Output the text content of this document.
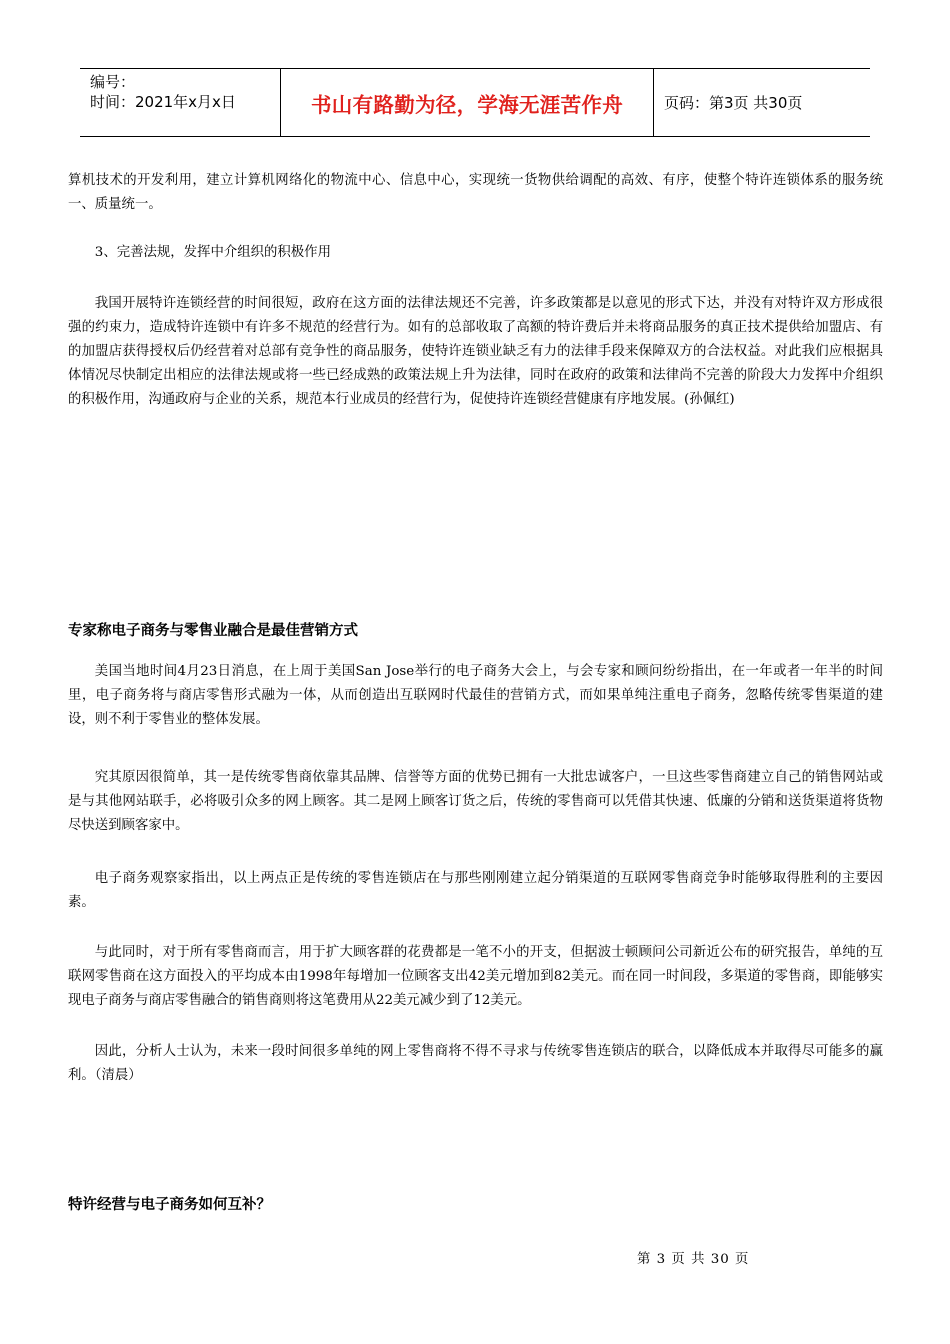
编号：
时间：2021年x月x日	书山有路勤为径，学海无涯苦作舟	页码：第3页 共30页

算机技术的开发利用，建立计算机网络化的物流中心、信息中心，实现统一货物供给调配的高效、有序，使整个特许连锁体系的服务统一、质量统一。

3、完善法规，发挥中介组织的积极作用

我国开展特许连锁经营的时间很短，政府在这方面的法律法规还不完善，许多政策都是以意见的形式下达，并没有对特许双方形成很强的约束力，造成特许连锁中有许多不规范的经营行为。如有的总部收取了高额的特许费后并未将商品服务的真正技术提供给加盟店、有的加盟店获得授权后仍经营着对总部有竞争性的商品服务，使特许连锁业缺乏有力的法律手段来保障双方的合法权益。对此我们应根据具体情况尽快制定出相应的法律法规或将一些已经成熟的政策法规上升为法律，同时在政府的政策和法律尚不完善的阶段大力发挥中介组织的积极作用，沟通政府与企业的关系，规范本行业成员的经营行为，促使持许连锁经营健康有序地发展。(孙佩红)

专家称电子商务与零售业融合是最佳营销方式

美国当地时间4月23日消息，在上周于美国San Jose举行的电子商务大会上，与会专家和顾问纷纷指出，在一年或者一年半的时间里，电子商务将与商店零售形式融为一体，从而创造出互联网时代最佳的营销方式，而如果单纯注重电子商务，忽略传统零售渠道的建设，则不利于零售业的整体发展。

究其原因很简单，其一是传统零售商依靠其品牌、信誉等方面的优势已拥有一大批忠诚客户，一旦这些零售商建立自己的销售网站或是与其他网站联手，必将吸引众多的网上顾客。其二是网上顾客订货之后，传统的零售商可以凭借其快速、低廉的分销和送货渠道将货物尽快送到顾客家中。

电子商务观察家指出，以上两点正是传统的零售连锁店在与那些刚刚建立起分销渠道的互联网零售商竞争时能够取得胜利的主要因素。

与此同时，对于所有零售商而言，用于扩大顾客群的花费都是一笔不小的开支，但据波士顿顾问公司新近公布的研究报告，单纯的互联网零售商在这方面投入的平均成本由1998年每增加一位顾客支出42美元增加到82美元。而在同一时间段，多渠道的零售商，即能够实现电子商务与商店零售融合的销售商则将这笔费用从22美元减少到了12美元。

因此，分析人士认为，未来一段时间很多单纯的网上零售商将不得不寻求与传统零售连锁店的联合，以降低成本并取得尽可能多的赢利。（清晨）

特许经营与电子商务如何互补？

第 3 页 共 30 页
